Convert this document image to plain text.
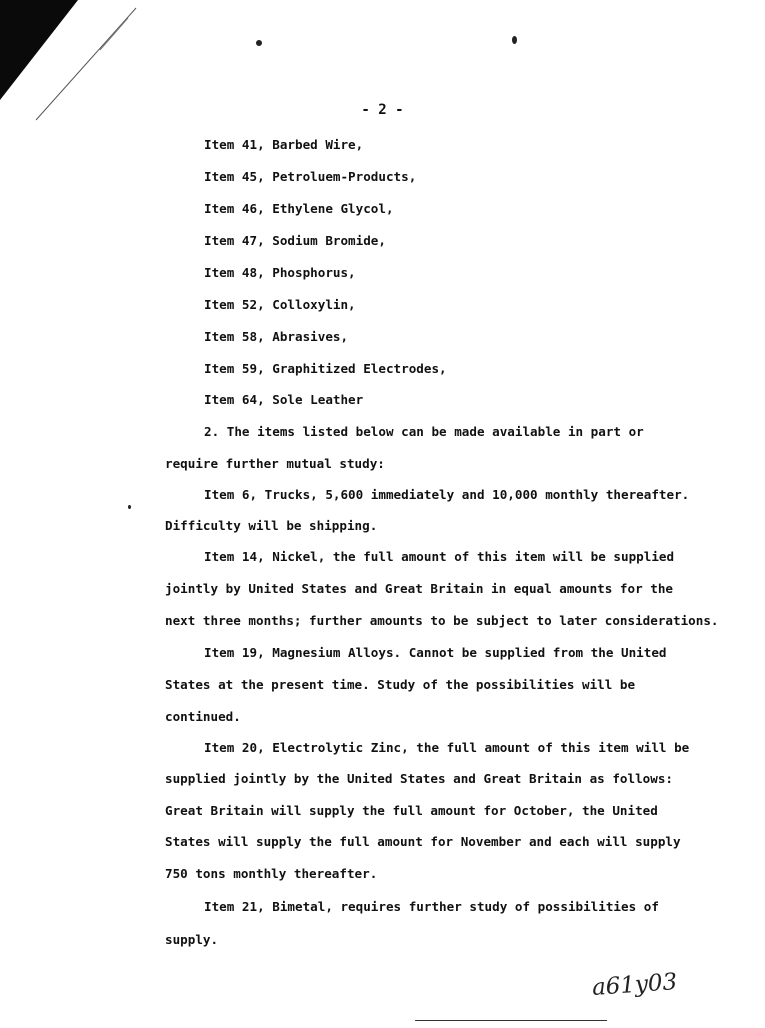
- 2 -
Item 41, Barbed Wire,
Item 45, Petroluem-Products,
Item 46, Ethylene Glycol,
Item 47, Sodium Bromide,
Item 48, Phosphorus,
Item 52, Colloxylin,
Item 58, Abrasives,
Item 59, Graphitized Electrodes,
Item 64, Sole Leather
2. The items listed below can be made available in part or
require further mutual study:
Item 6, Trucks, 5,600 immediately and 10,000 monthly thereafter.
Difficulty will be shipping.
Item 14, Nickel, the full amount of this item will be supplied
jointly by United States and Great Britain in equal amounts for the
next three months; further amounts to be subject to later considerations.
Item 19, Magnesium Alloys. Cannot be supplied from the United
States at the present time. Study of the possibilities will be
continued.
Item 20, Electrolytic Zinc, the full amount of this item will be
supplied jointly by the United States and Great Britain as follows:
Great Britain will supply the full amount for October, the United
States will supply the full amount for November and each will supply
750 tons monthly thereafter.
Item 21, Bimetal, requires further study of possibilities of
supply.
a61y03
